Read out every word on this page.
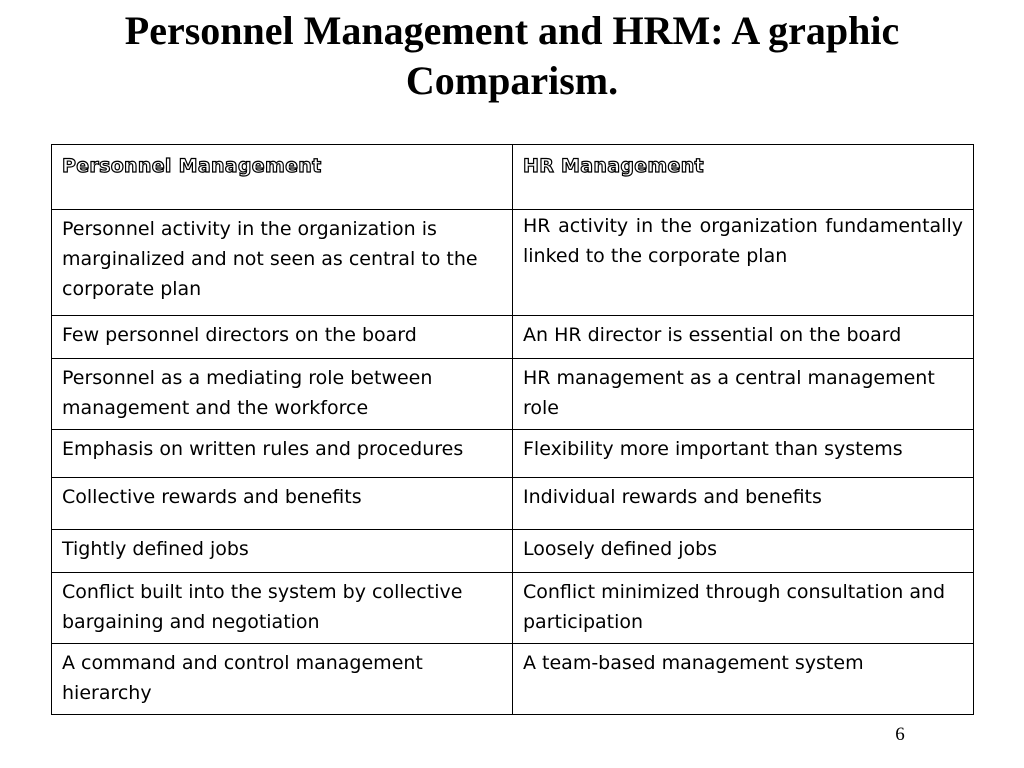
Personnel Management and HRM: A graphic
Comparism.
Personnel Management	HR Management
Personnel activity in the organization is marginalized and not seen as central to the corporate plan	HR activity in the organization fundamentally linked to the corporate plan
Few personnel directors on the board	An HR director is essential on the board
Personnel as a mediating role between management and the workforce	HR management as a central management role
Emphasis on written rules and procedures	Flexibility more important than systems
Collective rewards and benefits	Individual rewards and benefits
Tightly defined jobs	Loosely defined jobs
Conflict built into the system by collective bargaining and negotiation	Conflict minimized through consultation and participation
A command and control management hierarchy	A team-based management system
6
